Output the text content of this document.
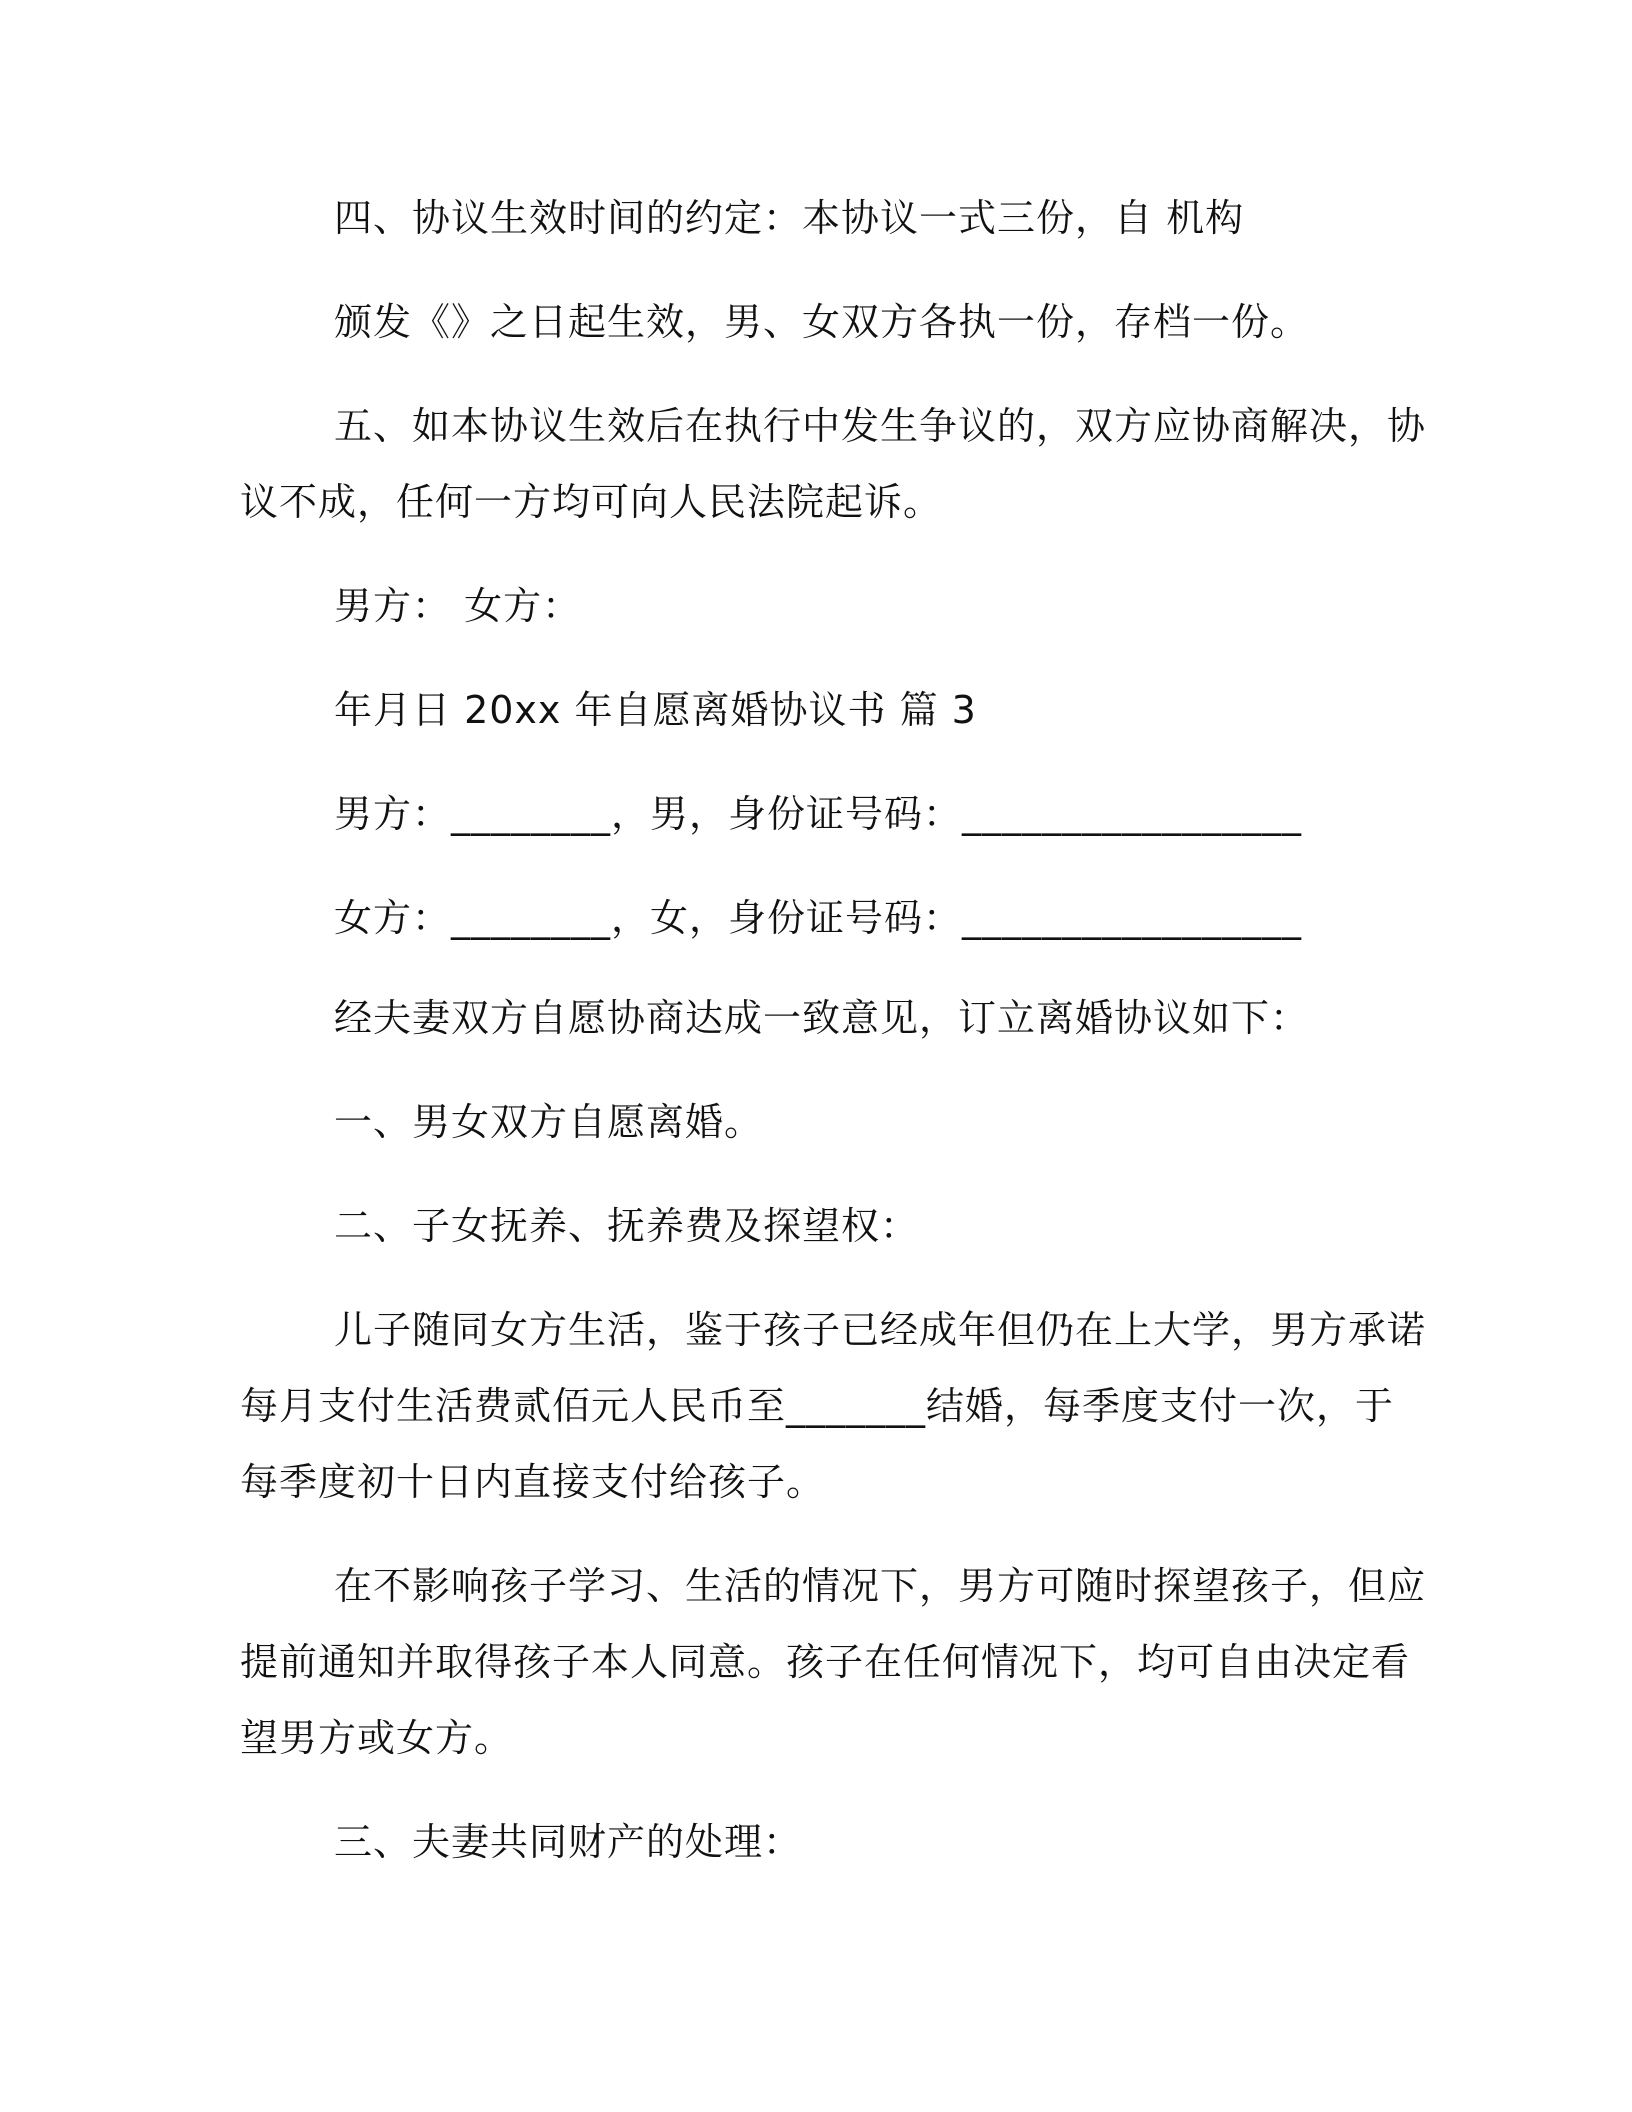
四、协议生效时间的约定：本协议一式三份，自 机构
颁发《》之日起生效，男、女双方各执一份，存档一份。
五、如本协议生效后在执行中发生争议的，双方应协商解决，协
议不成，任何一方均可向人民法院起诉。
男方： 女方：
年月日 20xx 年自愿离婚协议书 篇 3
男方：________，男，身份证号码：_________________
女方：________，女，身份证号码：_________________
经夫妻双方自愿协商达成一致意见，订立离婚协议如下：
一、男女双方自愿离婚。
二、子女抚养、抚养费及探望权：
儿子随同女方生活，鉴于孩子已经成年但仍在上大学，男方承诺
每月支付生活费贰佰元人民币至_______结婚，每季度支付一次，于
每季度初十日内直接支付给孩子。
在不影响孩子学习、生活的情况下，男方可随时探望孩子，但应
提前通知并取得孩子本人同意。孩子在任何情况下，均可自由决定看
望男方或女方。
三、夫妻共同财产的处理：
